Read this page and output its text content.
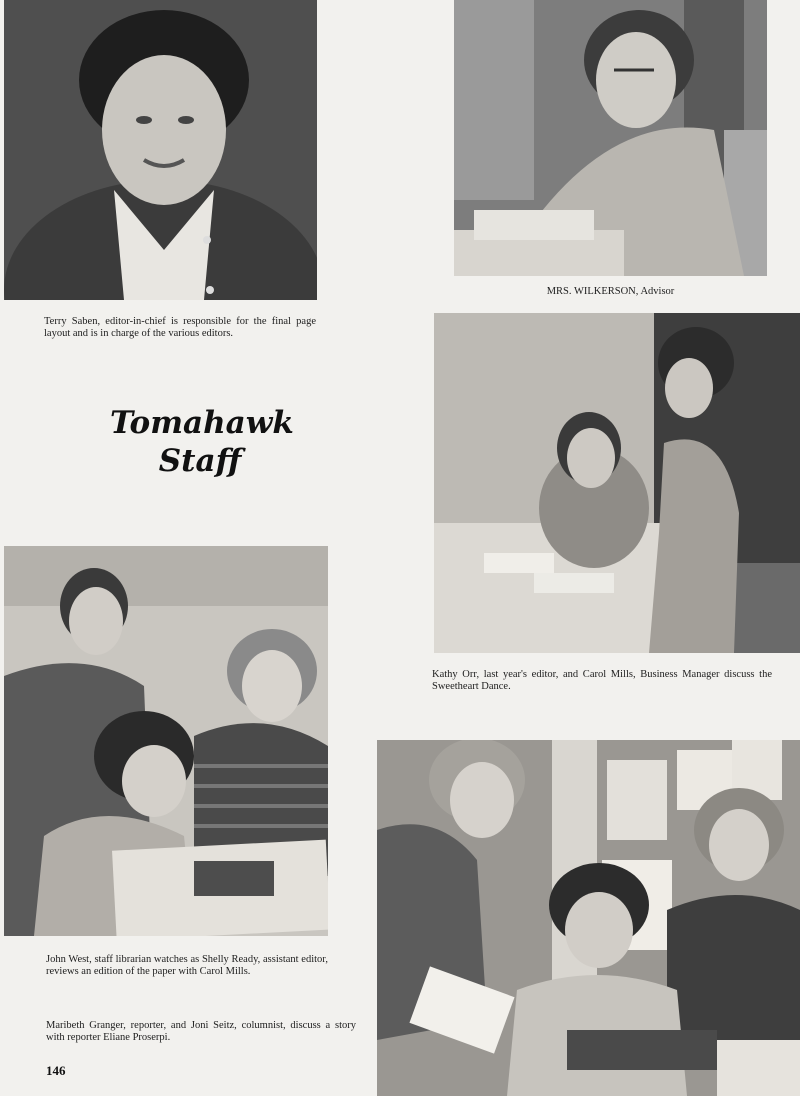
Terry Saben, editor-in-chief is responsible for the final page layout and is in charge of the various editors.
MRS. WILKERSON, Advisor
Tomahawk
Staff
Kathy Orr, last year's editor, and Carol Mills, Business Manager discuss the Sweetheart Dance.
John West, staff librarian watches as Shelly Ready, assistant editor, reviews an edition of the paper with Carol Mills.
Maribeth Granger, reporter, and Joni Seitz, columnist, discuss a story with reporter Eliane Proserpi.
146
